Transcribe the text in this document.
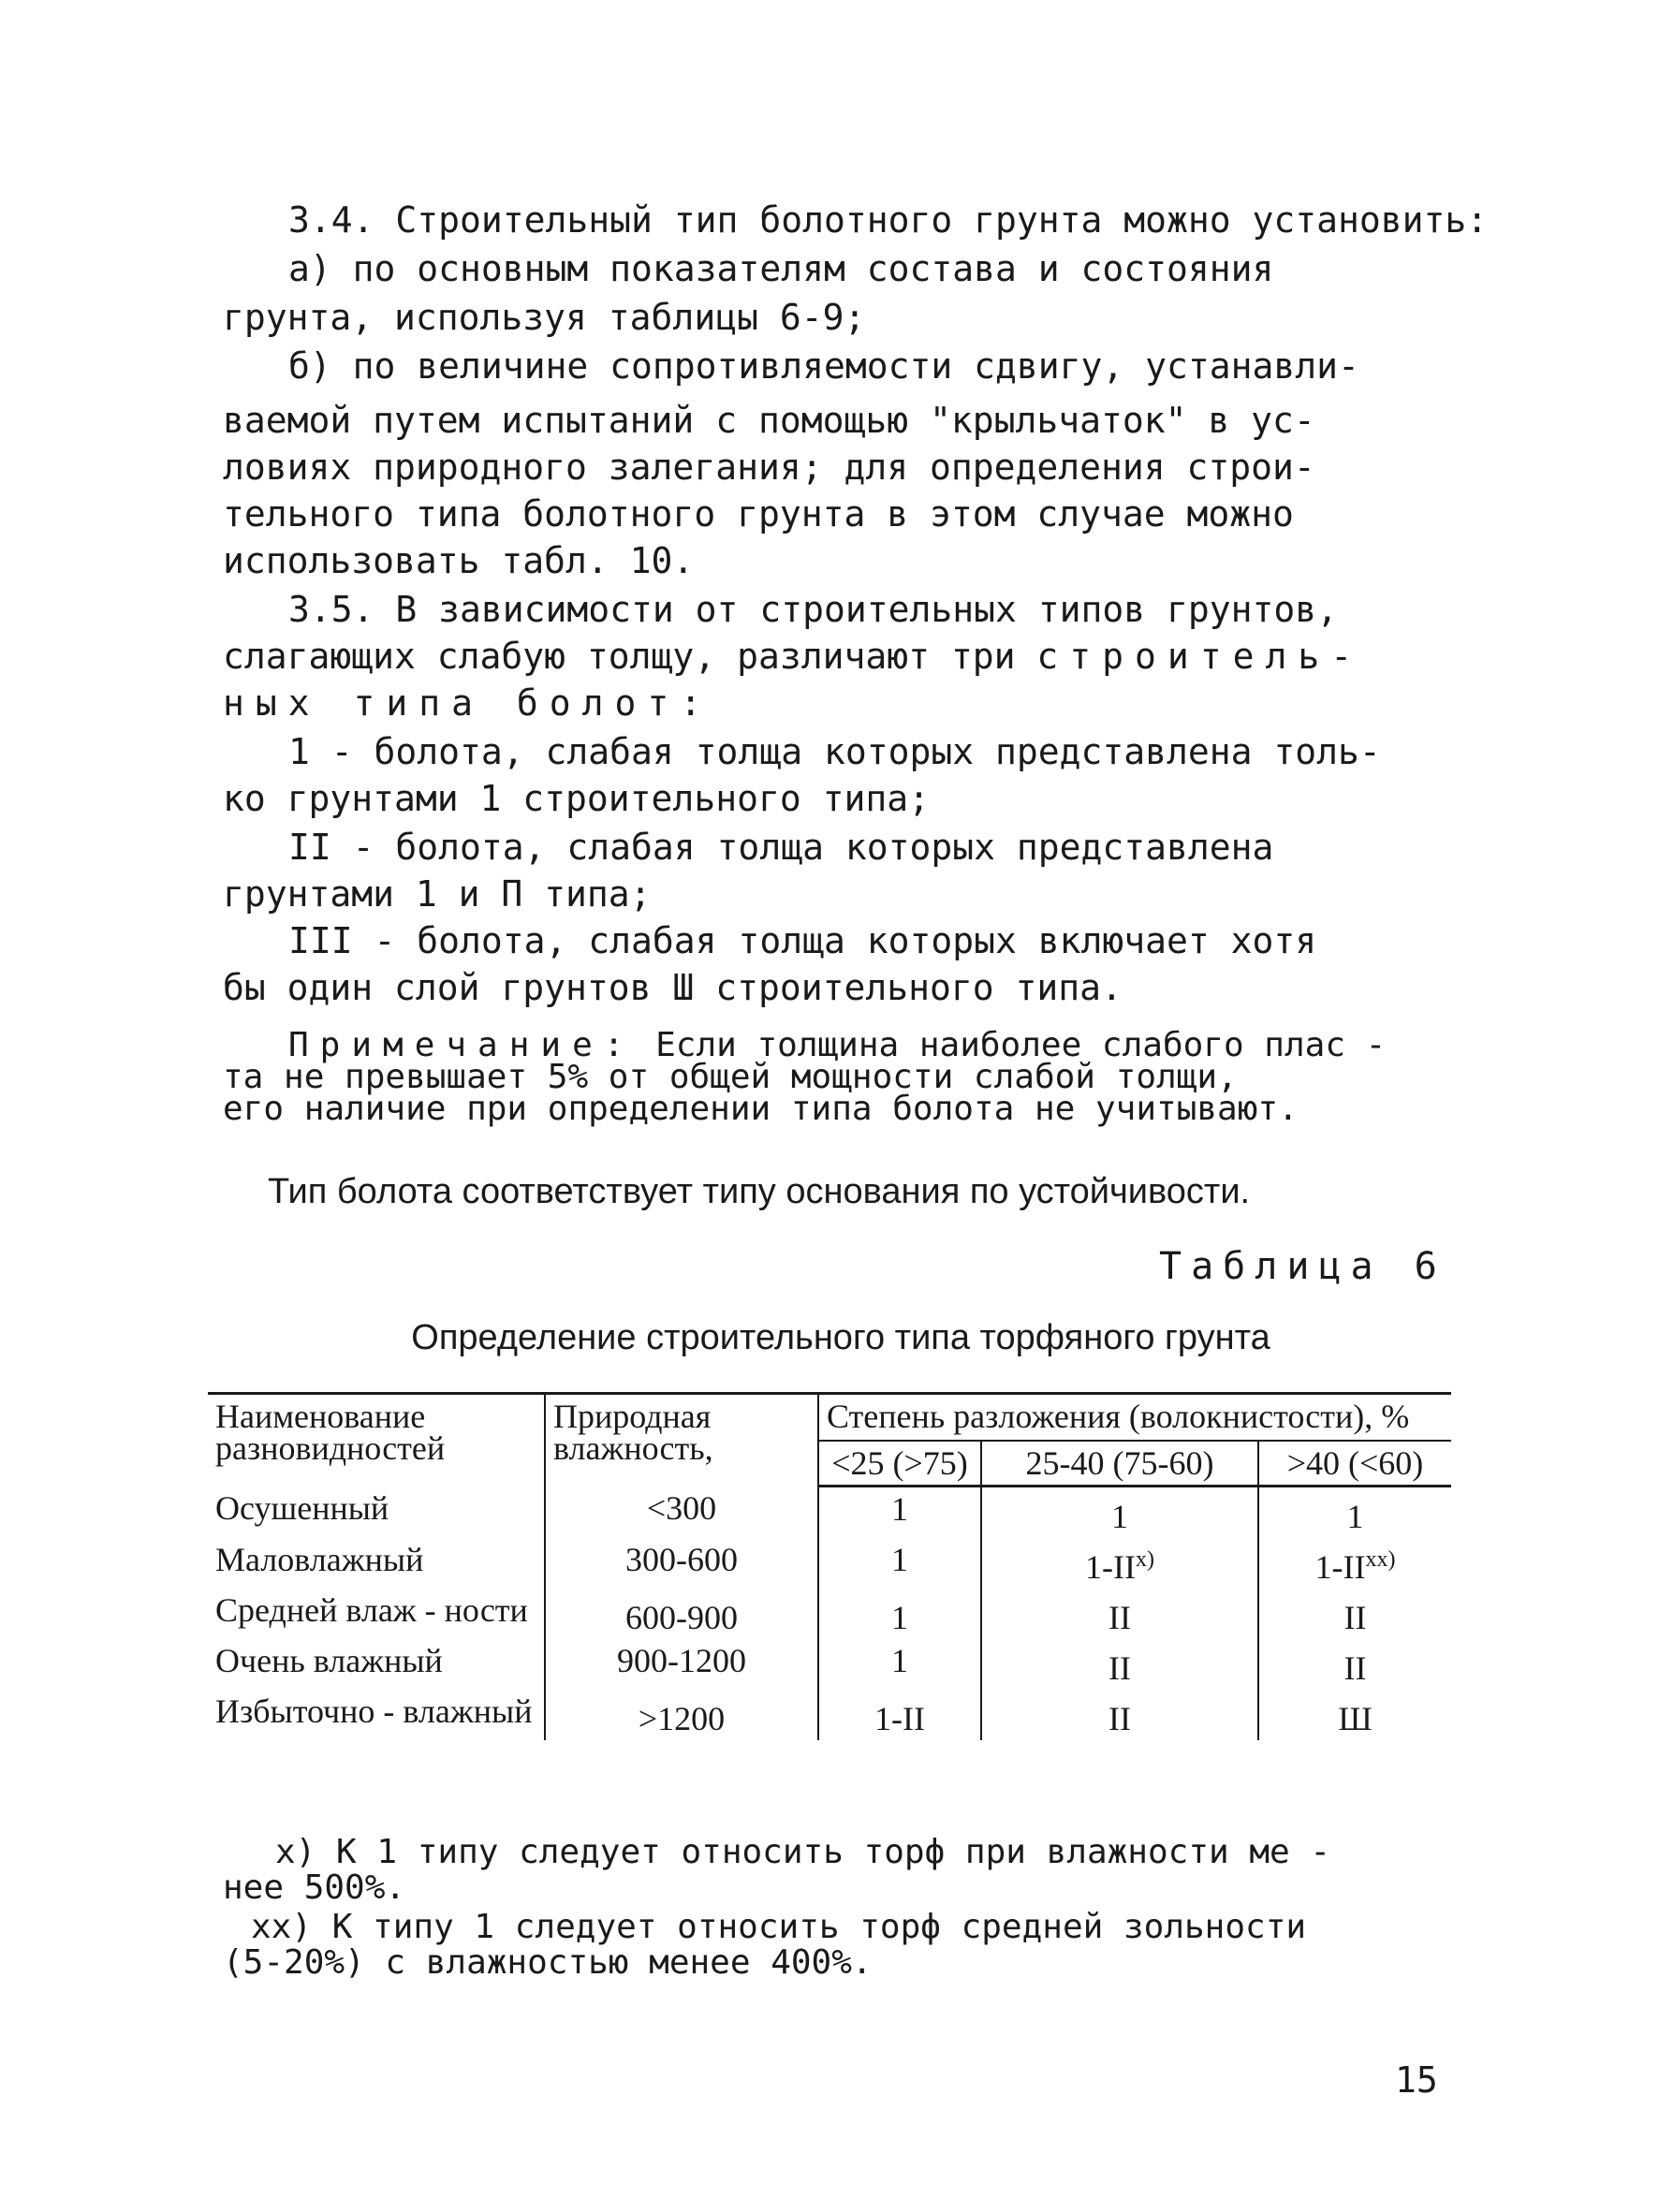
3.4. Строительный тип болотного грунта можно установить:

а) по основным показателям состава и состояния

грунта, используя таблицы 6-9;

б) по величине сопротивляемости сдвигу, устанавли-

ваемой путем испытаний с помощью "крыльчаток" в ус-

ловиях природного залегания; для определения строи-

тельного типа болотного грунта в этом случае можно

использовать табл. 10.

3.5. В зависимости от строительных типов грунтов,

слагающих слабую толщу, различают три строитель-

ных типа болот:

1 - болота, слабая толща которых представлена толь-

ко грунтами 1 строительного типа;

II - болота, слабая толща которых представлена

грунтами 1 и П типа;

III - болота, слабая толща которых включает хотя

бы один слой грунтов Ш строительного типа.

Примечание: Если толщина наиболее слабого плас -

та не превышает 5% от общей мощности слабой толщи,

его наличие при определении типа болота не учитывают.

Тип болота соответствует типу основания по устойчивости.

Таблица 6
Определение строительного типа торфяного грунта
Наименование разновидностей	Природная влажность,	Степень разложения (волокнистости), %		
		<25 (>75)	25-40 (75-60)	>40 (<60)
Осушенный	<300	1	1	1
Маловлажный	300-600	1	1-II$^{x)}$	1-II$^{xx)}$
Средней влаж - ности	600-900	1	II	II
Очень влажный	900-1200	1	II	II
Избыточно - влажный	>1200	1-II	II	Ш

x) К 1 типу следует относить торф при влажности ме -

нее 500%.

xx) К типу 1 следует относить торф средней зольности

(5-20%) с влажностью менее 400%.

15
